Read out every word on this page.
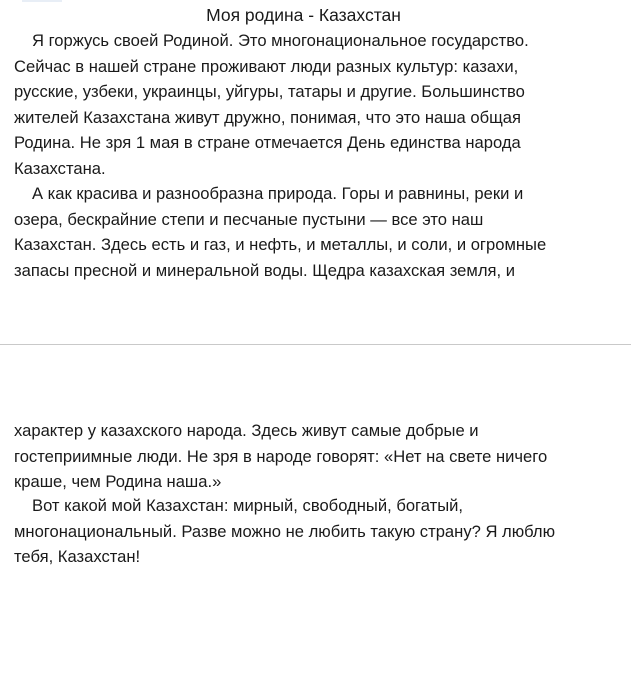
Моя родина - Казахстан
Я горжусь своей Родиной. Это многонациональное государство.
Сейчас в нашей стране проживают люди разных культур: казахи,
русские, узбеки, украинцы, уйгуры, татары и другие. Большинство
жителей Казахстана живут дружно, понимая, что это наша общая
Родина. Не зря 1 мая в стране отмечается День единства народа
Казахстана.
А как красива и разнообразна природа. Горы и равнины, реки и
озера, бескрайние степи и песчаные пустыни — все это наш
Казахстан. Здесь есть и газ, и нефть, и металлы, и соли, и огромные
запасы пресной и минеральной воды. Щедра казахская земля, и
характер у казахского народа. Здесь живут самые добрые и
гостеприимные люди. Не зря в народе говорят: «Нет на свете ничего
краше, чем Родина наша.»
Вот какой мой Казахстан: мирный, свободный, богатый,
многонациональный. Разве можно не любить такую страну? Я люблю
тебя, Казахстан!
